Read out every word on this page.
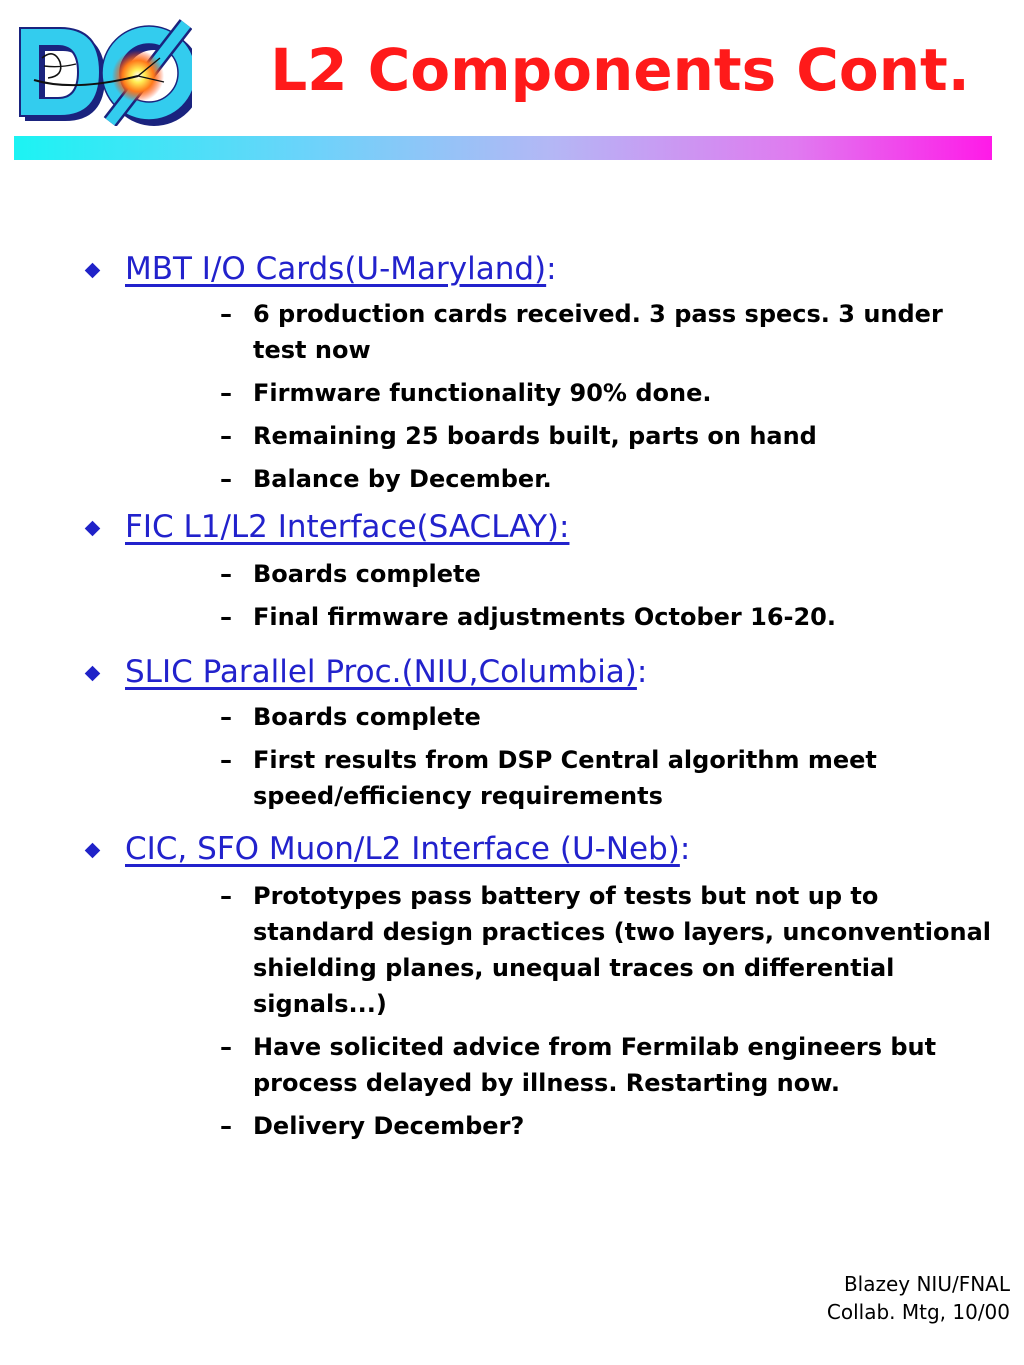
L2 Components Cont.
MBT I/O Cards(U-Maryland):
– 6 production cards received. 3 pass specs. 3 under test now
– Firmware functionality 90% done.
– Remaining 25 boards built, parts on hand
– Balance by December.
FIC L1/L2 Interface(SACLAY):
– Boards complete
– Final firmware adjustments October 16-20.
SLIC Parallel Proc.(NIU,Columbia):
– Boards complete
– First results from DSP Central algorithm meet speed/efficiency requirements
CIC, SFO Muon/L2 Interface (U-Neb):
– Prototypes pass battery of tests but not up to standard design practices (two layers, unconventional shielding planes, unequal traces on differential signals...)
– Have solicited advice from Fermilab engineers but process delayed by illness. Restarting now.
– Delivery December?
Blazey NIU/FNAL
Collab. Mtg, 10/00
